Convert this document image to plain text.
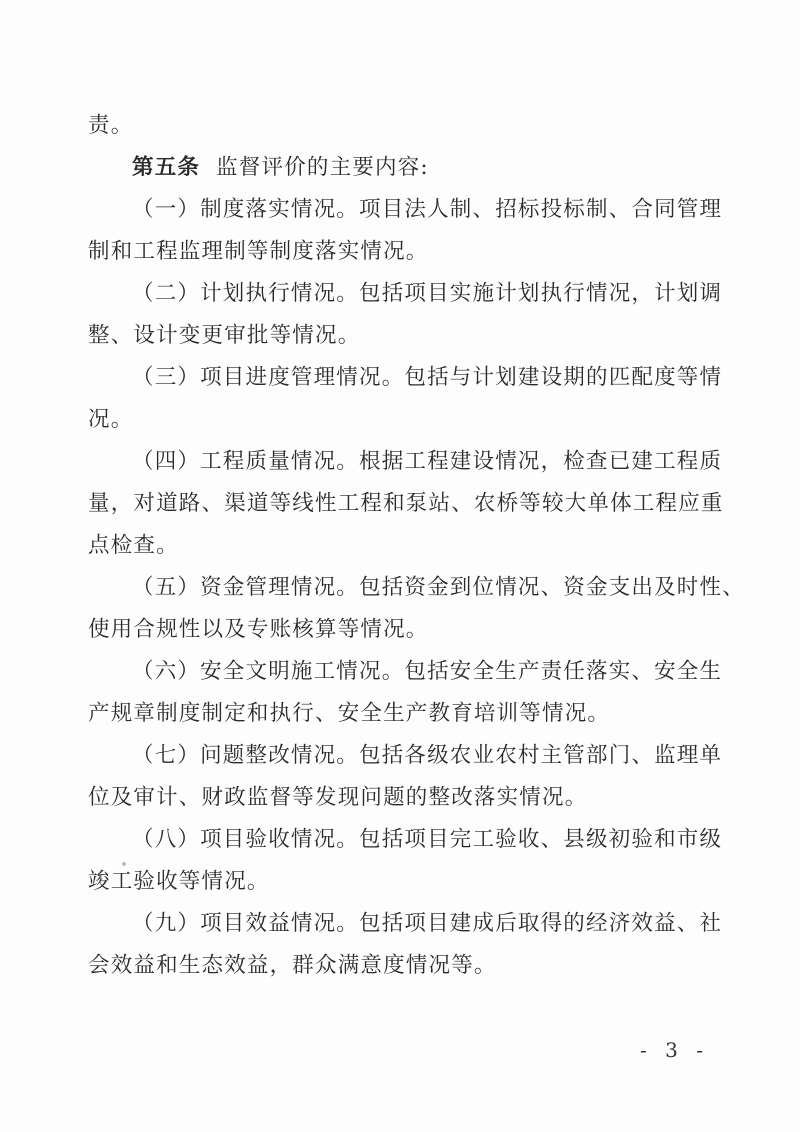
责。
第五条 监督评价的主要内容:
（一）制度落实情况。项目法人制、招标投标制、合同管理
制和工程监理制等制度落实情况。
（二）计划执行情况。包括项目实施计划执行情况，计划调
整、设计变更审批等情况。
（三）项目进度管理情况。包括与计划建设期的匹配度等情
况。
（四）工程质量情况。根据工程建设情况，检查已建工程质
量，对道路、渠道等线性工程和泵站、农桥等较大单体工程应重
点检查。
（五）资金管理情况。包括资金到位情况、资金支出及时性、
使用合规性以及专账核算等情况。
（六）安全文明施工情况。包括安全生产责任落实、安全生
产规章制度制定和执行、安全生产教育培训等情况。
（七）问题整改情况。包括各级农业农村主管部门、监理单
位及审计、财政监督等发现问题的整改落实情况。
（八）项目验收情况。包括项目完工验收、县级初验和市级
竣工验收等情况。
（九）项目效益情况。包括项目建成后取得的经济效益、社
会效益和生态效益，群众满意度情况等。
- 3 -
